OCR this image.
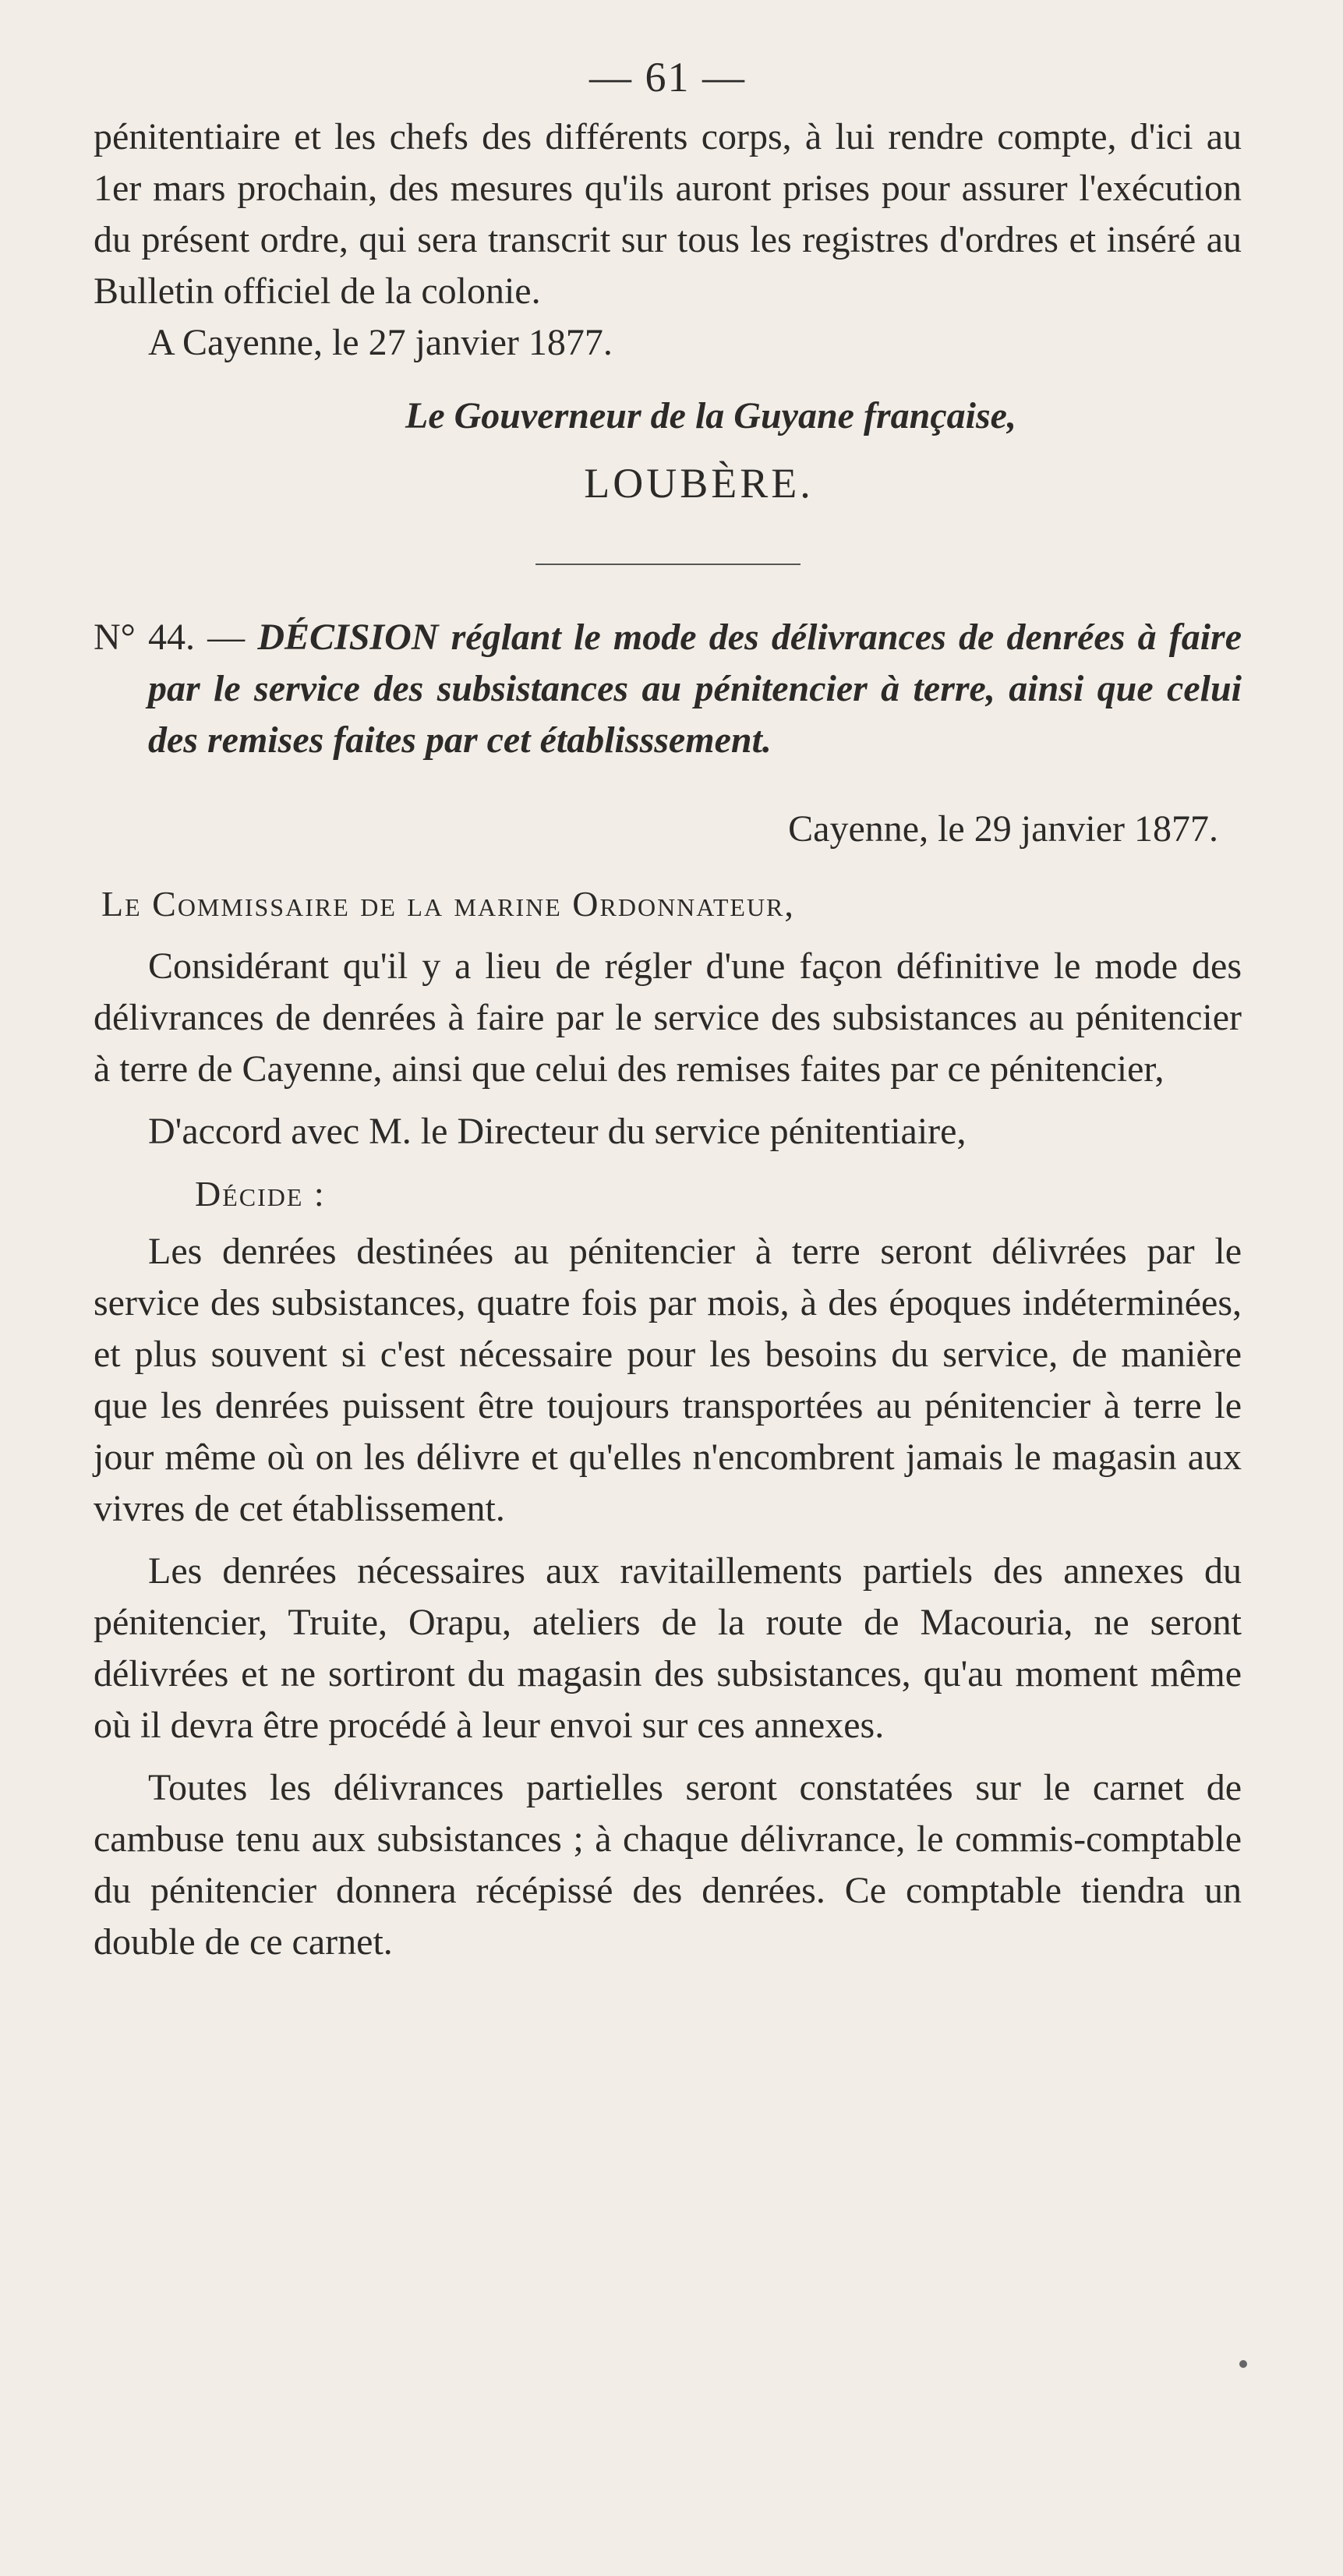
— 61 —

pénitentiaire et les chefs des différents corps, à lui rendre compte, d'ici au 1er mars prochain, des mesures qu'ils auront prises pour assurer l'exécution du présent ordre, qui sera transcrit sur tous les registres d'ordres et inséré au Bulletin officiel de la colonie.

A Cayenne, le 27 janvier 1877.

Le Gouverneur de la Guyane française,
LOUBÈRE.
N° 44. — DÉCISION réglant le mode des délivrances de denrées à faire par le service des subsistances au pénitencier à terre, ainsi que celui des remises faites par cet établisssement.
Cayenne, le 29 janvier 1877.
Le Commissaire de la marine Ordonnateur,

Considérant qu'il y a lieu de régler d'une façon définitive le mode des délivrances de denrées à faire par le service des subsistances au pénitencier à terre de Cayenne, ainsi que celui des remises faites par ce pénitencier,

D'accord avec M. le Directeur du service pénitentiaire,

Décide :

Les denrées destinées au pénitencier à terre seront délivrées par le service des subsistances, quatre fois par mois, à des époques indéterminées, et plus souvent si c'est nécessaire pour les besoins du service, de manière que les denrées puissent être toujours transportées au pénitencier à terre le jour même où on les délivre et qu'elles n'encombrent jamais le magasin aux vivres de cet établissement.

Les denrées nécessaires aux ravitaillements partiels des annexes du pénitencier, Truite, Orapu, ateliers de la route de Macouria, ne seront délivrées et ne sortiront du magasin des subsistances, qu'au moment même où il devra être procédé à leur envoi sur ces annexes.

Toutes les délivrances partielles seront constatées sur le carnet de cambuse tenu aux subsistances ; à chaque délivrance, le commis-comptable du pénitencier donnera récépissé des denrées. Ce comptable tiendra un double de ce carnet.
